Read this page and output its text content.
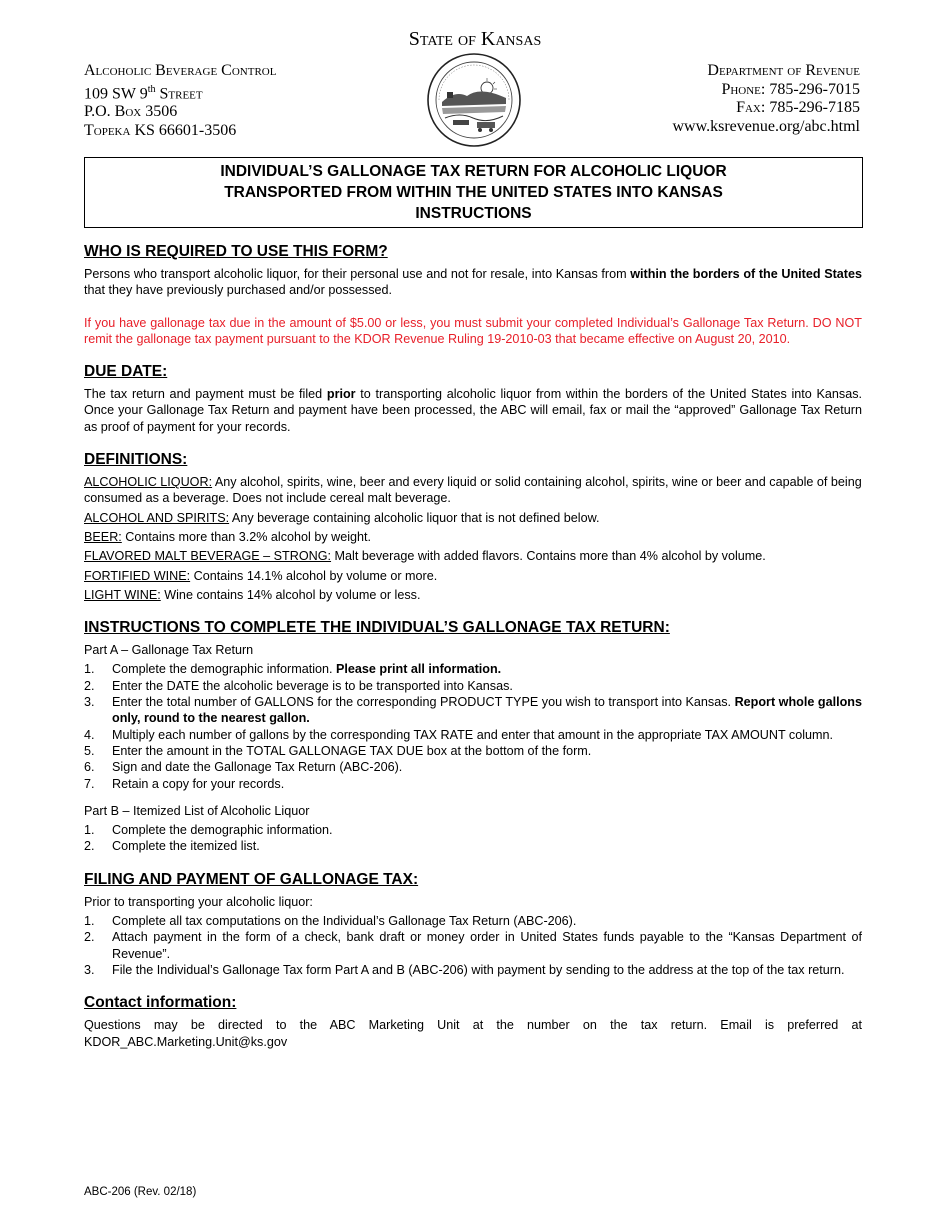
State of Kansas
Alcoholic Beverage Control
109 SW 9th Street
P.O. Box 3506
Topeka KS 66601-3506
Department of Revenue
Phone: 785-296-7015
Fax: 785-296-7185
www.ksrevenue.org/abc.html
INDIVIDUAL’S GALLONAGE TAX RETURN FOR ALCOHOLIC LIQUOR
TRANSPORTED FROM WITHIN THE UNITED STATES INTO KANSAS
INSTRUCTIONS
WHO IS REQUIRED TO USE THIS FORM?

Persons who transport alcoholic liquor, for their personal use and not for resale, into Kansas from within the borders of the United States that they have previously purchased and/or possessed.

If you have gallonage tax due in the amount of $5.00 or less, you must submit your completed Individual’s Gallonage Tax Return. DO NOT remit the gallonage tax payment pursuant to the KDOR Revenue Ruling 19-2010-03 that became effective on August 20, 2010.

DUE DATE:

The tax return and payment must be filed prior to transporting alcoholic liquor from within the borders of the United States into Kansas. Once your Gallonage Tax Return and payment have been processed, the ABC will email, fax or mail the “approved” Gallonage Tax Return as proof of payment for your records.

DEFINITIONS:
ALCOHOLIC LIQUOR: Any alcohol, spirits, wine, beer and every liquid or solid containing alcohol, spirits, wine or beer and capable of being consumed as a beverage. Does not include cereal malt beverage.
ALCOHOL AND SPIRITS: Any beverage containing alcoholic liquor that is not defined below.
BEER: Contains more than 3.2% alcohol by weight.
FLAVORED MALT BEVERAGE – STRONG: Malt beverage with added flavors. Contains more than 4% alcohol by volume.
FORTIFIED WINE: Contains 14.1% alcohol by volume or more.
LIGHT WINE: Wine contains 14% alcohol by volume or less.
INSTRUCTIONS TO COMPLETE THE INDIVIDUAL’S GALLONAGE TAX RETURN:
Part A – Gallonage Tax Return
1. Complete the demographic information. Please print all information.
2. Enter the DATE the alcoholic beverage is to be transported into Kansas.
3. Enter the total number of GALLONS for the corresponding PRODUCT TYPE you wish to transport into Kansas. Report whole gallons only, round to the nearest gallon.
4. Multiply each number of gallons by the corresponding TAX RATE and enter that amount in the appropriate TAX AMOUNT column.
5. Enter the amount in the TOTAL GALLONAGE TAX DUE box at the bottom of the form.
6. Sign and date the Gallonage Tax Return (ABC-206).
7. Retain a copy for your records.
Part B – Itemized List of Alcoholic Liquor
1. Complete the demographic information.
2. Complete the itemized list.
FILING AND PAYMENT OF GALLONAGE TAX:
Prior to transporting your alcoholic liquor:
1. Complete all tax computations on the Individual’s Gallonage Tax Return (ABC-206).
2. Attach payment in the form of a check, bank draft or money order in United States funds payable to the “Kansas Department of Revenue”.
3. File the Individual’s Gallonage Tax form Part A and B (ABC-206) with payment by sending to the address at the top of the tax return.
Contact information:

Questions may be directed to the ABC Marketing Unit at the number on the tax return. Email is preferred at KDOR_ABC.Marketing.Unit@ks.gov

ABC-206 (Rev. 02/18)
